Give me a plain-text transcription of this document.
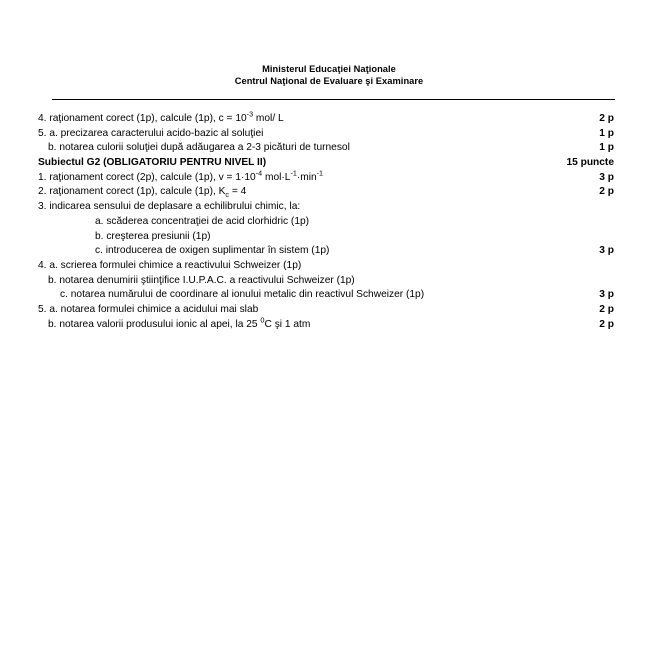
Ministerul Educaţiei Naţionale
Centrul Naţional de Evaluare şi Examinare
4. raţionament corect (1p), calcule (1p), $c = 10^{-3}$ mol/ L	2 p
5. a. precizarea caracterului acido-bazic al soluţiei	1 p
b. notarea culorii soluţiei după adăugarea a 2-3 picături de turnesol	1 p
Subiectul G2 (OBLIGATORIU PENTRU NIVEL II)	15 puncte
1. raţionament corect (2p), calcule (1p), $v = 1\cdot 10^{-4}$ $mol\cdot L^{-1}\cdot\min^{-1}$	3 p
2. raţionament corect (1p), calcule (1p), $K_c = 4$	2 p
3. indicarea sensului de deplasare a echilibrului chimic, la:
a. scăderea concentraţiei de acid clorhidric (1p)
b. creşterea presiunii (1p)
c. introducerea de oxigen suplimentar în sistem (1p)	3 p
4. a. scrierea formulei chimice a reactivului Schweizer (1p)
b. notarea denumirii ştiinţifice I.U.P.A.C. a reactivului Schweizer (1p)
c. notarea numărului de coordinare al ionului metalic din reactivul Schweizer (1p)	3 p
5. a. notarea formulei chimice a acidului mai slab	2 p
b. notarea valorii produsului ionic al apei, la 25 $^0$C şi 1 atm	2 p
